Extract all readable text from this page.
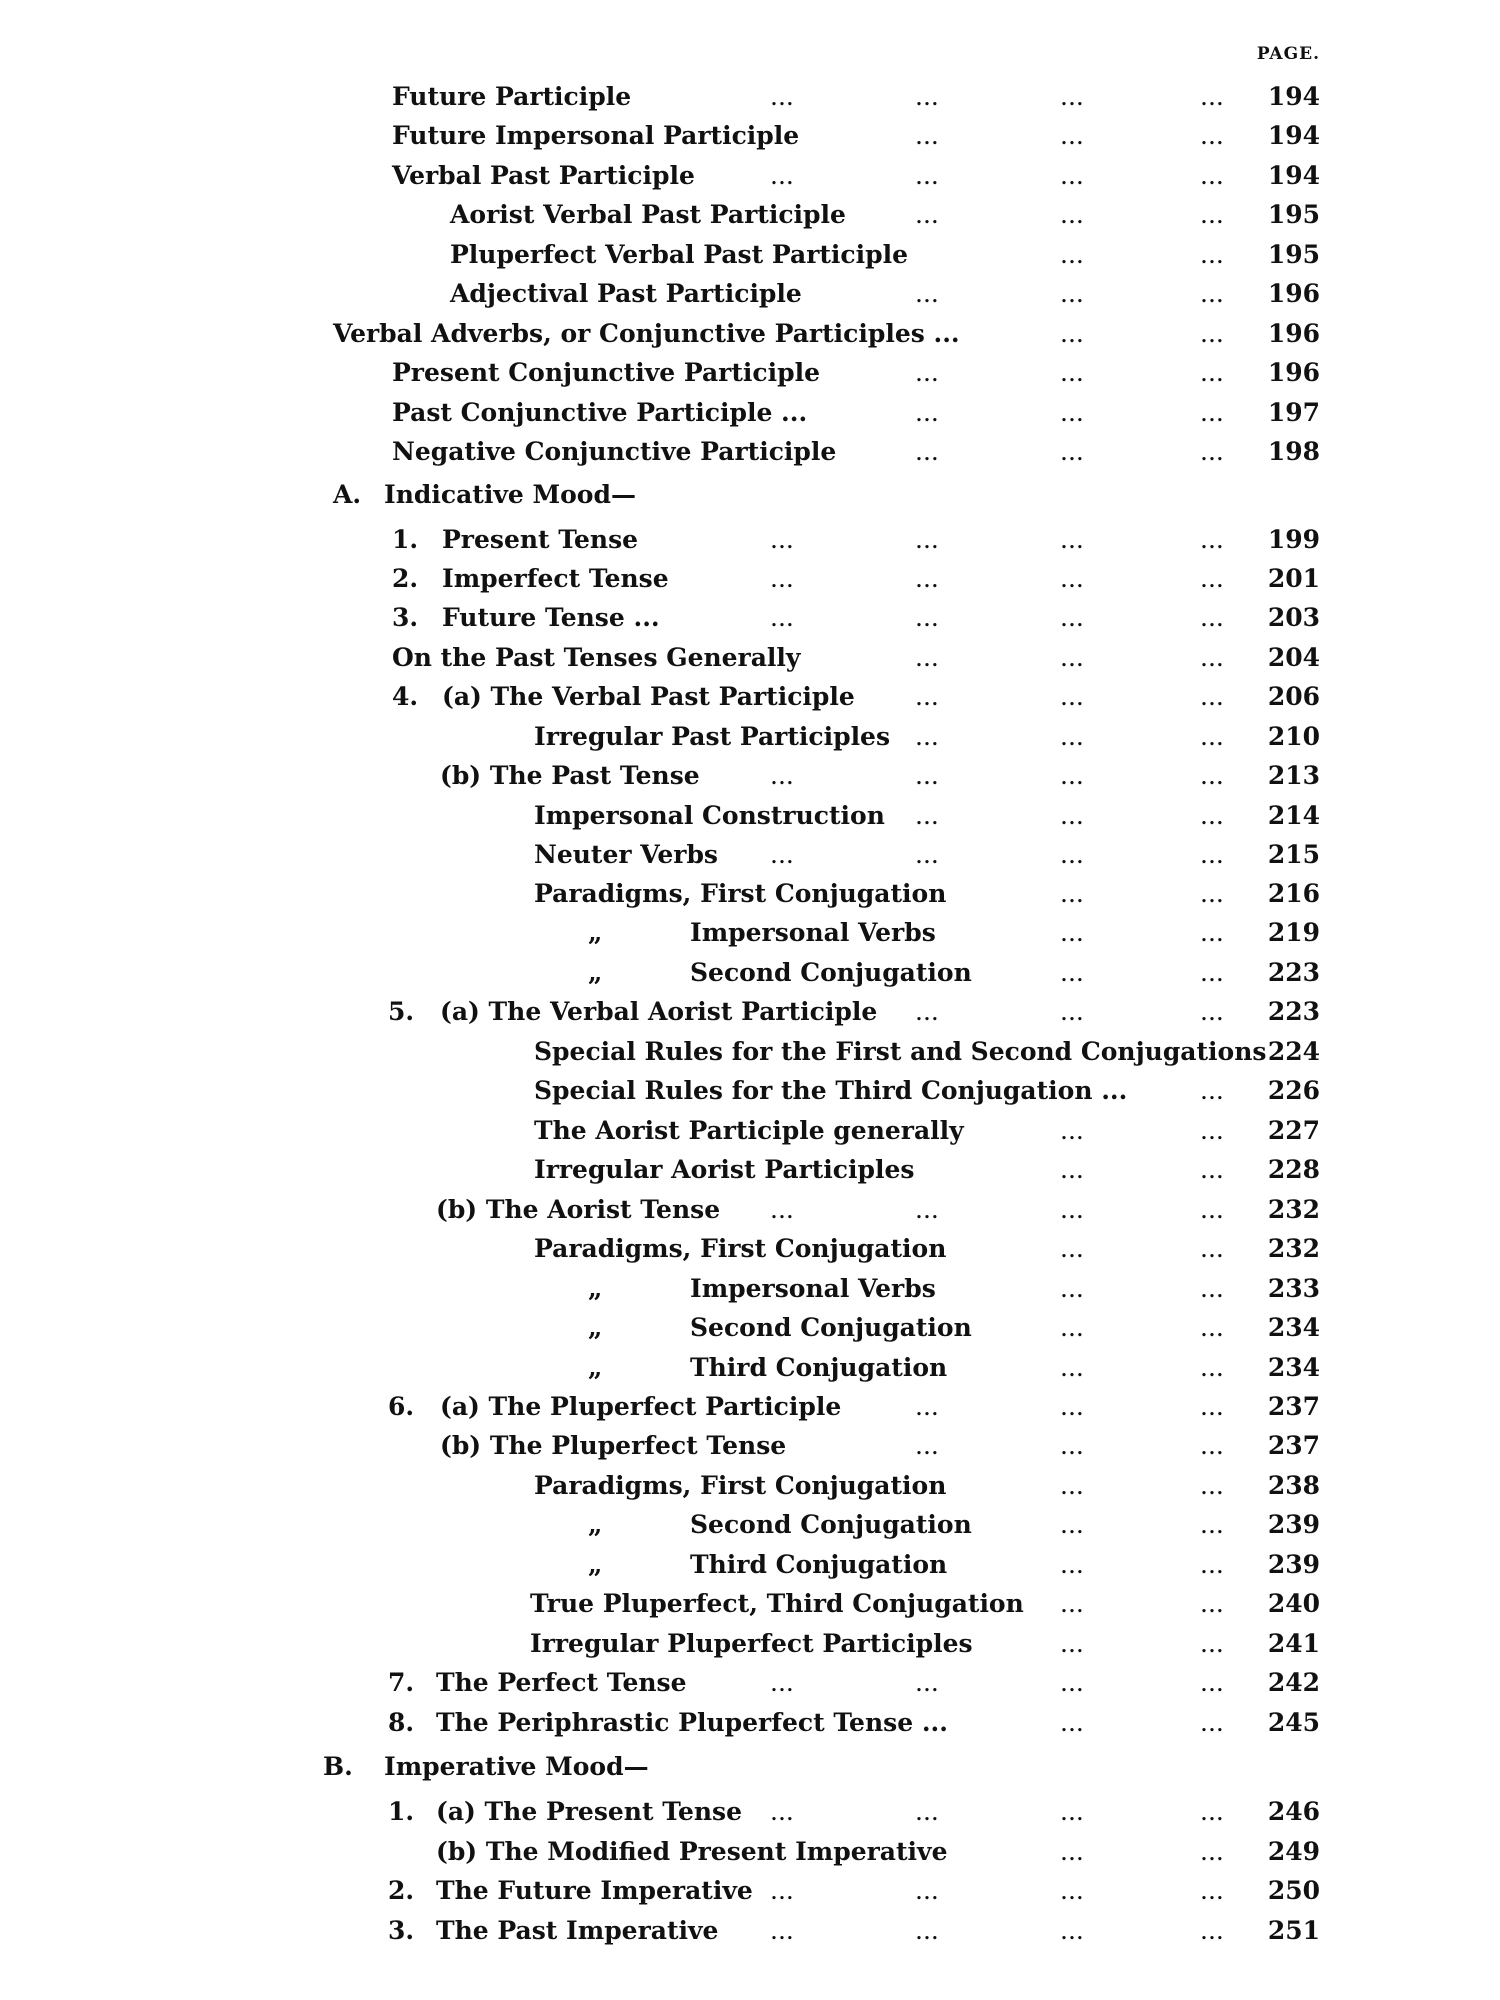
PAGE.
Future Participle	...	...	...	...	194
Future Impersonal Participle	...	...	...	194
Verbal Past Participle	...	...	...	...	194
Aorist Verbal Past Participle	...	...	...	195
Pluperfect Verbal Past Participle	...	...	195
Adjectival Past Participle	...	...	...	196
Verbal Adverbs, or Conjunctive Participles ...	...	...	196
Present Conjunctive Participle	...	...	...	196
Past Conjunctive Participle ...	...	...	...	197
Negative Conjunctive Participle	...	...	...	198
A. Indicative Mood—
1. Present Tense	...	...	...	...	199
2. Imperfect Tense	...	...	...	...	201
3. Future Tense ...	...	...	...	...	203
On the Past Tenses Generally	...	...	...	204
4. (a) The Verbal Past Participle ...	...	...	206
Irregular Past Participles ...	...	...	210
(b) The Past Tense	...	...	...	...	213
Impersonal Construction ...	...	...	214
Neuter Verbs ...	...	...	...	215
Paradigms, First Conjugation	...	...	216
„	Impersonal Verbs	...	...	219
„	Second Conjugation	...	...	223
5. (a) The Verbal Aorist Participle ...	...	...	223
Special Rules for the First and Second Conjugations 224
Special Rules for the Third Conjugation ...	...	226
The Aorist Participle generally	...	...	227
Irregular Aorist Participles	...	...	228
(b) The Aorist Tense ...	...	...	...	232
Paradigms, First Conjugation	...	...	232
„	Impersonal Verbs	...	...	233
„	Second Conjugation	...	...	234
„	Third Conjugation	...	...	234
6. (a) The Pluperfect Participle	...	...	...	237
(b) The Pluperfect Tense	...	...	...	237
Paradigms, First Conjugation	...	...	238
„	Second Conjugation	...	...	239
„	Third Conjugation	...	...	239
True Pluperfect, Third Conjugation ...	...	240
Irregular Pluperfect Participles	...	...	241
7. The Perfect Tense	...	...	...	...	242
8. The Periphrastic Pluperfect Tense ...	...	...	245
B. Imperative Mood—
1. (a) The Present Tense ...	...	...	...	246
(b) The Modified Present Imperative	...	...	249
2. The Future Imperative ...	...	...	...	250
3. The Past Imperative ...	...	...	...	251
